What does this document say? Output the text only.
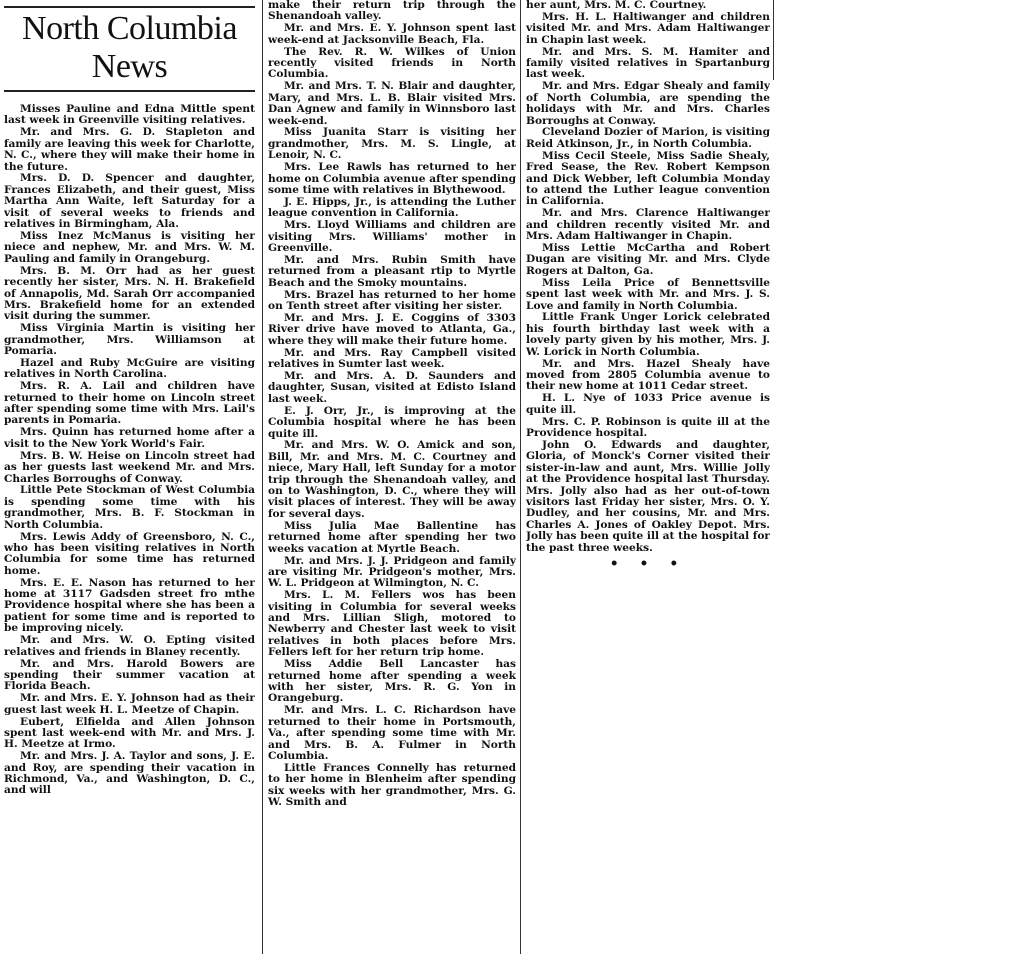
North Columbia
News

Misses Pauline and Edna Mittle spent last week in Greenville visiting relatives.

Mr. and Mrs. G. D. Stapleton and family are leaving this week for Charlotte, N. C., where they will make their home in the future.

Mrs. D. D. Spencer and daughter, Frances Elizabeth, and their guest, Miss Martha Ann Waite, left Saturday for a visit of several weeks to friends and relatives in Birmingham, Ala.

Miss Inez McManus is visiting her niece and nephew, Mr. and Mrs. W. M. Pauling and family in Orangeburg.

Mrs. B. M. Orr had as her guest recently her sister, Mrs. N. H. Brakefield of Annapolis, Md. Sarah Orr accompanied Mrs. Brakefield home for an extended visit during the summer.

Miss Virginia Martin is visiting her grandmother, Mrs. Williamson at Pomaria.

Hazel and Ruby McGuire are visiting relatives in North Carolina.

Mrs. R. A. Lail and children have returned to their home on Lincoln street after spending some time with Mrs. Lail's parents in Pomaria.

Mrs. Quinn has returned home after a visit to the New York World's Fair.

Mrs. B. W. Heise on Lincoln street had as her guests last weekend Mr. and Mrs. Charles Borroughs of Conway.

Little Pete Stockman of West Columbia is spending some time with his grandmother, Mrs. B. F. Stockman in North Columbia.

Mrs. Lewis Addy of Greensboro, N. C., who has been visiting relatives in North Columbia for some time has returned home.

Mrs. E. E. Nason has returned to her home at 3117 Gadsden street fro mthe Providence hospital where she has been a patient for some time and is reported to be improving nicely.

Mr. and Mrs. W. O. Epting visited relatives and friends in Blaney recently.

Mr. and Mrs. Harold Bowers are spending their summer vacation at Florida Beach.

Mr. and Mrs. E. Y. Johnson had as their guest last week H. L. Meetze of Chapin.

Eubert, Elfielda and Allen Johnson spent last week-end with Mr. and Mrs. J. H. Meetze at Irmo.

Mr. and Mrs. J. A. Taylor and sons, J. E. and Roy, are spending their vacation in Richmond, Va., and Washington, D. C., and will

make their return trip through the Shenandoah valley.

Mr. and Mrs. E. Y. Johnson spent last week-end at Jacksonville Beach, Fla.

The Rev. R. W. Wilkes of Union recently visited friends in North Columbia.

Mr. and Mrs. T. N. Blair and daughter, Mary, and Mrs. L. B. Blair visited Mrs. Dan Agnew and family in Winnsboro last week-end.

Miss Juanita Starr is visiting her grandmother, Mrs. M. S. Lingle, at Lenoir, N. C.

Mrs. Lee Rawls has returned to her home on Columbia avenue after spending some time with relatives in Blythewood.

J. E. Hipps, Jr., is attending the Luther league convention in California.

Mrs. Lloyd Williams and children are visiting Mrs. Williams' mother in Greenville.

Mr. and Mrs. Rubin Smith have returned from a pleasant rtip to Myrtle Beach and the Smoky mountains.

Mrs. Brazel has returned to her home on Tenth street after visiting her sister.

Mr. and Mrs. J. E. Coggins of 3303 River drive have moved to Atlanta, Ga., where they will make their future home.

Mr. and Mrs. Ray Campbell visited relatives in Sumter last week.

Mr. and Mrs. A. D. Saunders and daughter, Susan, visited at Edisto Island last week.

E. J. Orr, Jr., is improving at the Columbia hospital where he has been quite ill.

Mr. and Mrs. W. O. Amick and son, Bill, Mr. and Mrs. M. C. Courtney and niece, Mary Hall, left Sunday for a motor trip through the Shenandoah valley, and on to Washington, D. C., where they will visit places of interest. They will be away for several days.

Miss Julia Mae Ballentine has returned home after spending her two weeks vacation at Myrtle Beach.

Mr. and Mrs. J. J. Pridgeon and family are visiting Mr. Pridgeon's mother, Mrs. W. L. Pridgeon at Wilmington, N. C.

Mrs. L. M. Fellers wos has been visiting in Columbia for several weeks and Mrs. Lillian Sligh, motored to Newberry and Chester last week to visit relatives in both places before Mrs. Fellers left for her return trip home.

Miss Addie Bell Lancaster has returned home after spending a week with her sister, Mrs. R. G. Yon in Orangeburg.

Mr. and Mrs. L. C. Richardson have returned to their home in Portsmouth, Va., after spending some time with Mr. and Mrs. B. A. Fulmer in North Columbia.

Little Frances Connelly has returned to her home in Blenheim after spending six weeks with her grandmother, Mrs. G. W. Smith and

her aunt, Mrs. M. C. Courtney.

Mrs. H. L. Haltiwanger and children visited Mr. and Mrs. Adam Haltiwanger in Chapin last week.

Mr. and Mrs. S. M. Hamiter and family visited relatives in Spartanburg last week.

Mr. and Mrs. Edgar Shealy and family of North Columbia, are spending the holidays with Mr. and Mrs. Charles Borroughs at Conway.

Cleveland Dozier of Marion, is visiting Reid Atkinson, Jr., in North Columbia.

Miss Cecil Steele, Miss Sadie Shealy, Fred Sease, the Rev. Robert Kempson and Dick Webber, left Columbia Monday to attend the Luther league convention in California.

Mr. and Mrs. Clarence Haltiwanger and children recently visited Mr. and Mrs. Adam Haltiwanger in Chapin.

Miss Lettie McCartha and Robert Dugan are visiting Mr. and Mrs. Clyde Rogers at Dalton, Ga.

Miss Leila Price of Bennettsville spent last week with Mr. and Mrs. J. S. Love and family in North Columbia.

Little Frank Unger Lorick celebrated his fourth birthday last week with a lovely party given by his mother, Mrs. J. W. Lorick in North Columbia.

Mr. and Mrs. Hazel Shealy have moved from 2805 Columbia avenue to their new home at 1011 Cedar street.

H. L. Nye of 1033 Price avenue is quite ill.

Mrs. C. P. Robinson is quite ill at the Providence hospital.

John O. Edwards and daughter, Gloria, of Monck's Corner visited their sister-in-law and aunt, Mrs. Willie Jolly at the Providence hospital last Thursday. Mrs. Jolly also had as her out-of-town visitors last Friday her sister, Mrs. O. Y. Dudley, and her cousins, Mr. and Mrs. Charles A. Jones of Oakley Depot. Mrs. Jolly has been quite ill at the hospital for the past three weeks.

• • •
